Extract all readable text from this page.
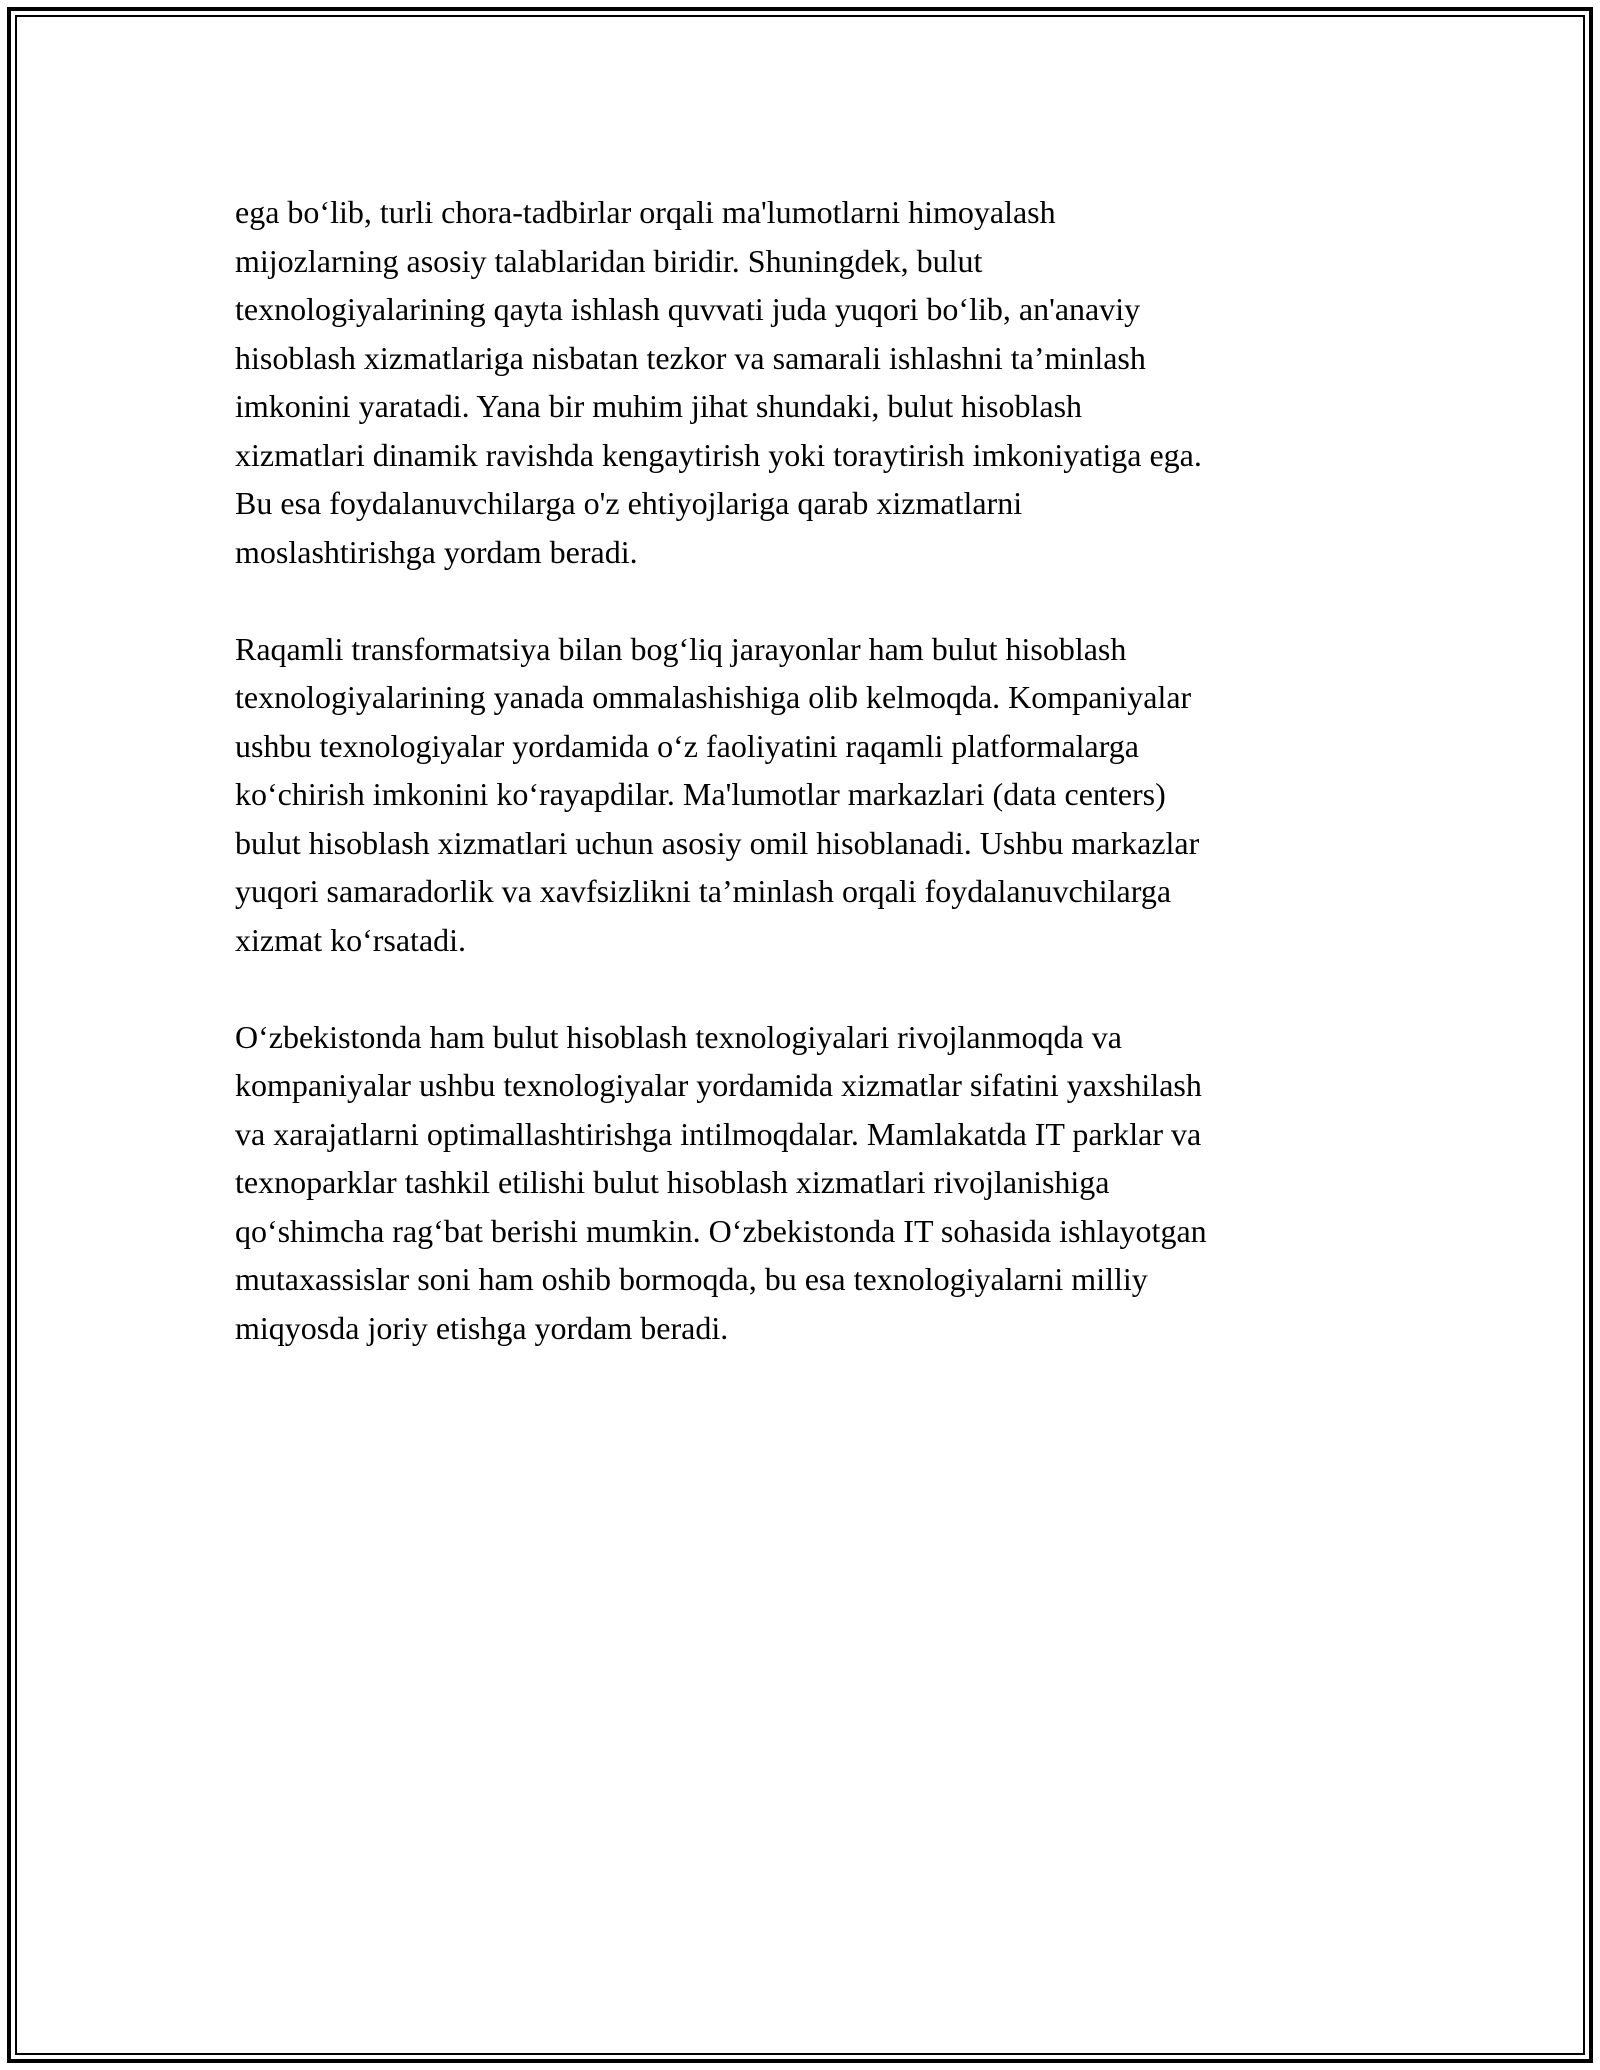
ega bo‘lib, turli chora-tadbirlar orqali ma'lumotlarni himoyalash
mijozlarning asosiy talablaridan biridir. Shuningdek, bulut
texnologiyalarining qayta ishlash quvvati juda yuqori bo‘lib, an'anaviy
hisoblash xizmatlariga nisbatan tezkor va samarali ishlashni ta’minlash
imkonini yaratadi. Yana bir muhim jihat shundaki, bulut hisoblash
xizmatlari dinamik ravishda kengaytirish yoki toraytirish imkoniyatiga ega.
Bu esa foydalanuvchilarga o'z ehtiyojlariga qarab xizmatlarni
moslashtirishga yordam beradi.

Raqamli transformatsiya bilan bog‘liq jarayonlar ham bulut hisoblash
texnologiyalarining yanada ommalashishiga olib kelmoqda. Kompaniyalar
ushbu texnologiyalar yordamida o‘z faoliyatini raqamli platformalarga
ko‘chirish imkonini ko‘rayapdilar. Ma'lumotlar markazlari (data centers)
bulut hisoblash xizmatlari uchun asosiy omil hisoblanadi. Ushbu markazlar
yuqori samaradorlik va xavfsizlikni ta’minlash orqali foydalanuvchilarga
xizmat ko‘rsatadi.

O‘zbekistonda ham bulut hisoblash texnologiyalari rivojlanmoqda va
kompaniyalar ushbu texnologiyalar yordamida xizmatlar sifatini yaxshilash
va xarajatlarni optimallashtirishga intilmoqdalar. Mamlakatda IT parklar va
texnoparklar tashkil etilishi bulut hisoblash xizmatlari rivojlanishiga
qo‘shimcha rag‘bat berishi mumkin. O‘zbekistonda IT sohasida ishlayotgan
mutaxassislar soni ham oshib bormoqda, bu esa texnologiyalarni milliy
miqyosda joriy etishga yordam beradi.
